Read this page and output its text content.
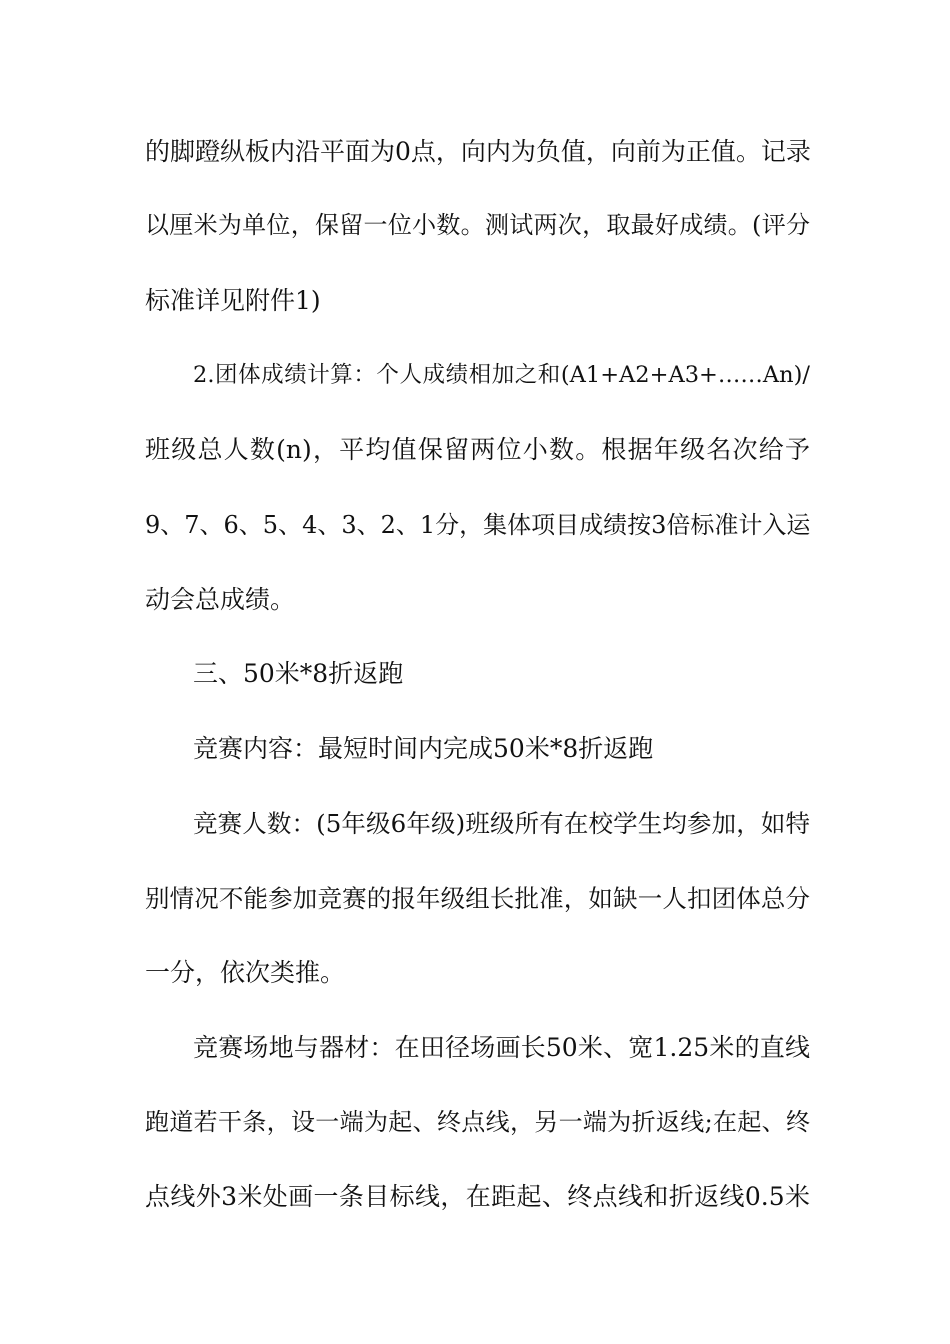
的脚蹬纵板内沿平面为0点，向内为负值，向前为正值。记录
以厘米为单位，保留一位小数。测试两次，取最好成绩。(评分
标准详见附件1)
2.团体成绩计算：个人成绩相加之和(A1+A2+A3+……An)/
班级总人数(n)，平均值保留两位小数。根据年级名次给予
9、7、6、5、4、3、2、1分，集体项目成绩按3倍标准计入运
动会总成绩。
三、50米*8折返跑
竞赛内容：最短时间内完成50米*8折返跑
竞赛人数：(5年级6年级)班级所有在校学生均参加，如特
别情况不能参加竞赛的报年级组长批准，如缺一人扣团体总分
一分，依次类推。
竞赛场地与器材：在田径场画长50米、宽1.25米的直线
跑道若干条，设一端为起、终点线，另一端为折返线;在起、终
点线外3米处画一条目标线，在距起、终点线和折返线0.5米
